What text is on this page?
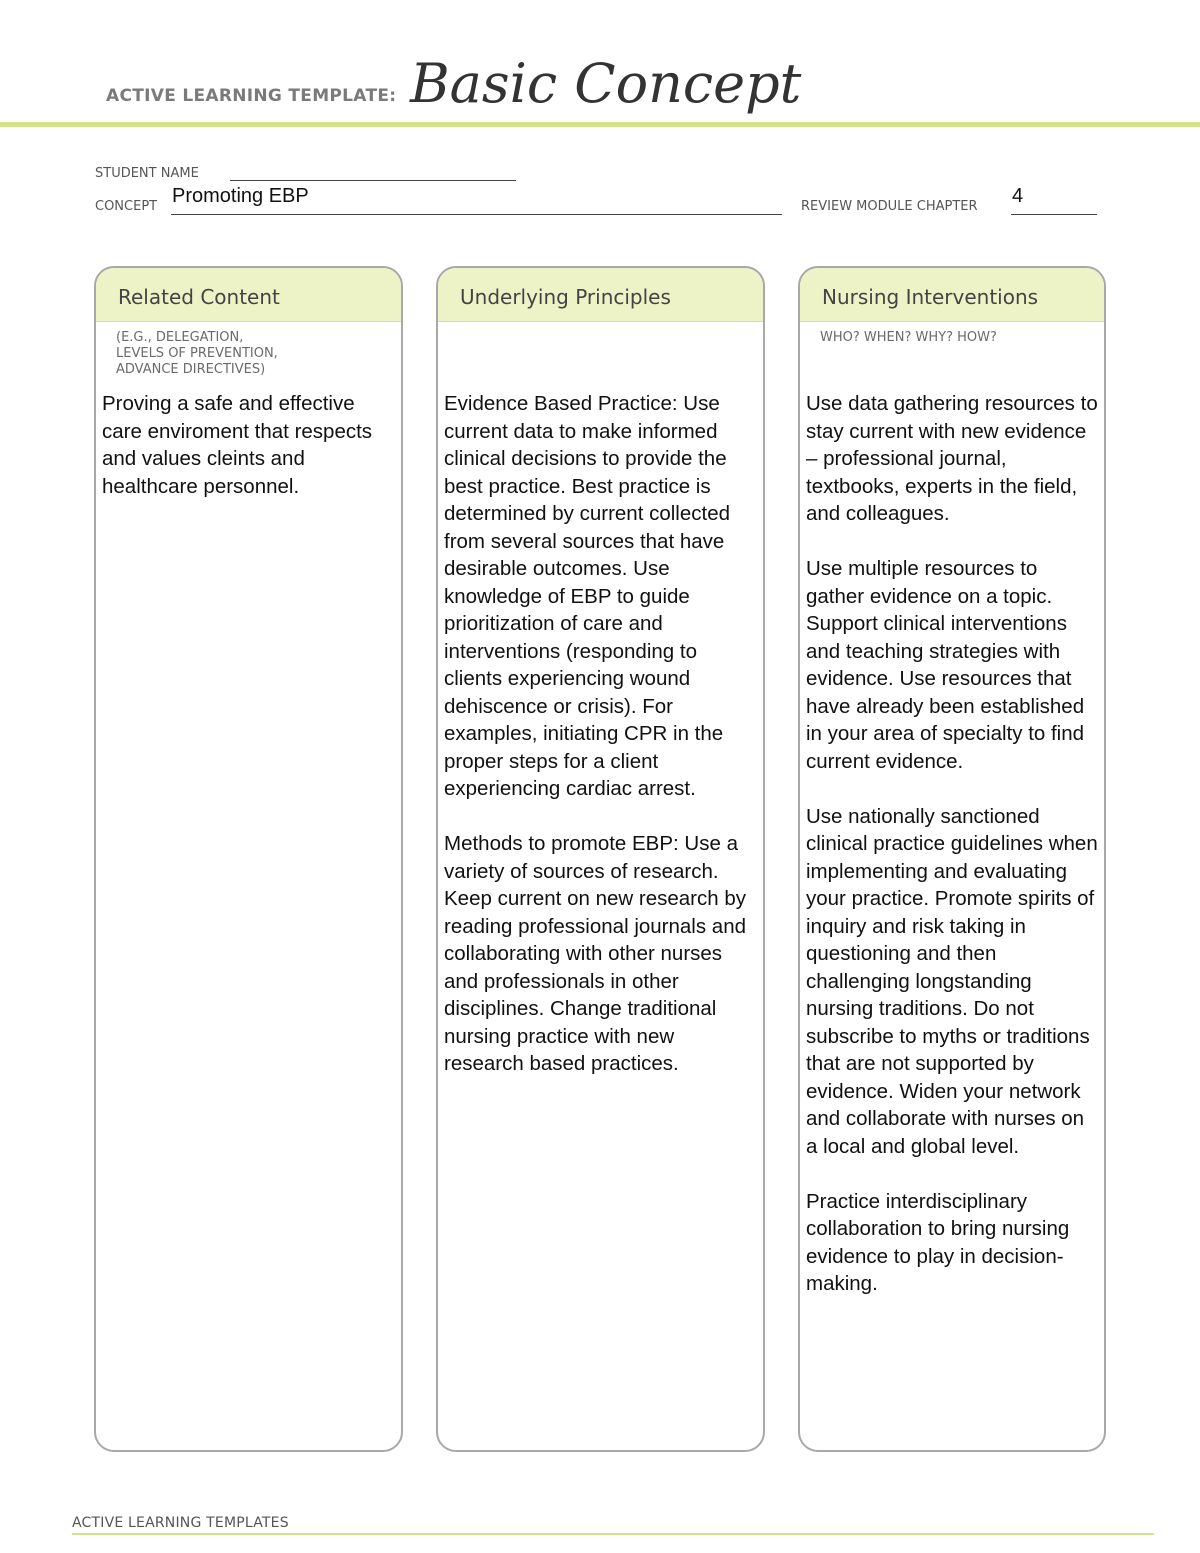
ACTIVE LEARNING TEMPLATE: Basic Concept
STUDENT NAME
CONCEPT Promoting EBP	REVIEW MODULE CHAPTER 4
Related Content
(E.G., DELEGATION,
LEVELS OF PREVENTION,
ADVANCE DIRECTIVES)

Proving a safe and effective care enviroment that respects and values cleints and healthcare personnel.

Underlying Principles

Evidence Based Practice: Use current data to make informed clinical decisions to provide the best practice. Best practice is determined by current collected from several sources that have desirable outcomes. Use knowledge of EBP to guide prioritization of care and interventions (responding to clients experiencing wound dehiscence or crisis). For examples, initiating CPR in the proper steps for a client experiencing cardiac arrest.

Methods to promote EBP: Use a variety of sources of research. Keep current on new research by reading professional journals and collaborating with other nurses and professionals in other disciplines. Change traditional nursing practice with new research based practices.

Nursing Interventions
WHO? WHEN? WHY? HOW?

Use data gathering resources to stay current with new evidence – professional journal, textbooks, experts in the field, and colleagues.

Use multiple resources to gather evidence on a topic. Support clinical interventions and teaching strategies with evidence. Use resources that have already been established in your area of specialty to find current evidence.

Use nationally sanctioned clinical practice guidelines when implementing and evaluating your practice. Promote spirits of inquiry and risk taking in questioning and then challenging longstanding nursing traditions. Do not subscribe to myths or traditions that are not supported by evidence. Widen your network and collaborate with nurses on a local and global level.

Practice interdisciplinary collaboration to bring nursing evidence to play in decision-making.

ACTIVE LEARNING TEMPLATES
